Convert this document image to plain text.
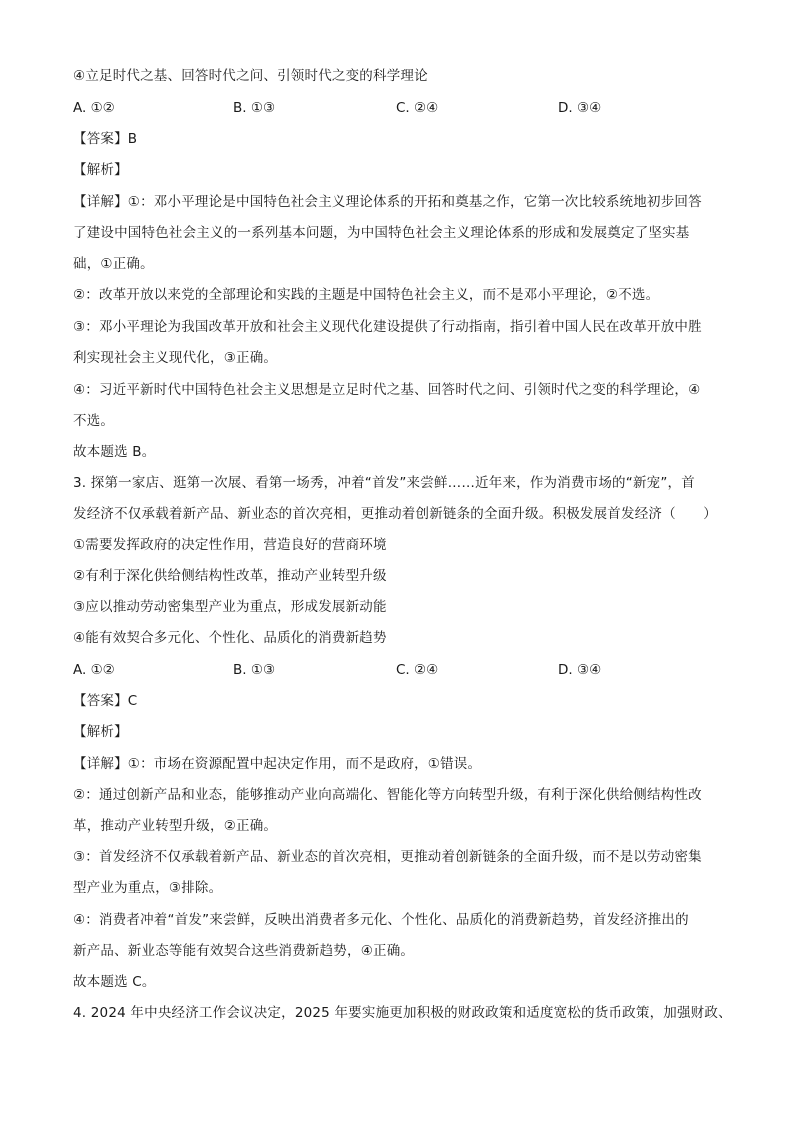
④立足时代之基、回答时代之问、引领时代之变的科学理论
A. ①②	B. ①③	C. ②④	D. ③④
【答案】B
【解析】
【详解】①：邓小平理论是中国特色社会主义理论体系的开拓和奠基之作，它第一次比较系统地初步回答
了建设中国特色社会主义的一系列基本问题，为中国特色社会主义理论体系的形成和发展奠定了坚实基
础，①正确。
②：改革开放以来党的全部理论和实践的主题是中国特色社会主义，而不是邓小平理论，②不选。
③：邓小平理论为我国改革开放和社会主义现代化建设提供了行动指南，指引着中国人民在改革开放中胜
利实现社会主义现代化，③正确。
④：习近平新时代中国特色社会主义思想是立足时代之基、回答时代之问、引领时代之变的科学理论，④
不选。
故本题选 B。
3. 探第一家店、逛第一次展、看第一场秀，冲着“首发”来尝鲜……近年来，作为消费市场的“新宠”，首
发经济不仅承载着新产品、新业态的首次亮相，更推动着创新链条的全面升级。积极发展首发经济（　　）
①需要发挥政府的决定性作用，营造良好的营商环境
②有利于深化供给侧结构性改革，推动产业转型升级
③应以推动劳动密集型产业为重点，形成发展新动能
④能有效契合多元化、个性化、品质化的消费新趋势
A. ①②	B. ①③	C. ②④	D. ③④
【答案】C
【解析】
【详解】①：市场在资源配置中起决定作用，而不是政府，①错误。
②：通过创新产品和业态，能够推动产业向高端化、智能化等方向转型升级，有利于深化供给侧结构性改
革，推动产业转型升级，②正确。
③：首发经济不仅承载着新产品、新业态的首次亮相，更推动着创新链条的全面升级，而不是以劳动密集
型产业为重点，③排除。
④：消费者冲着“首发”来尝鲜，反映出消费者多元化、个性化、品质化的消费新趋势，首发经济推出的
新产品、新业态等能有效契合这些消费新趋势，④正确。
故本题选 C。
4. 2024 年中央经济工作会议决定，2025 年要实施更加积极的财政政策和适度宽松的货币政策，加强财政、
